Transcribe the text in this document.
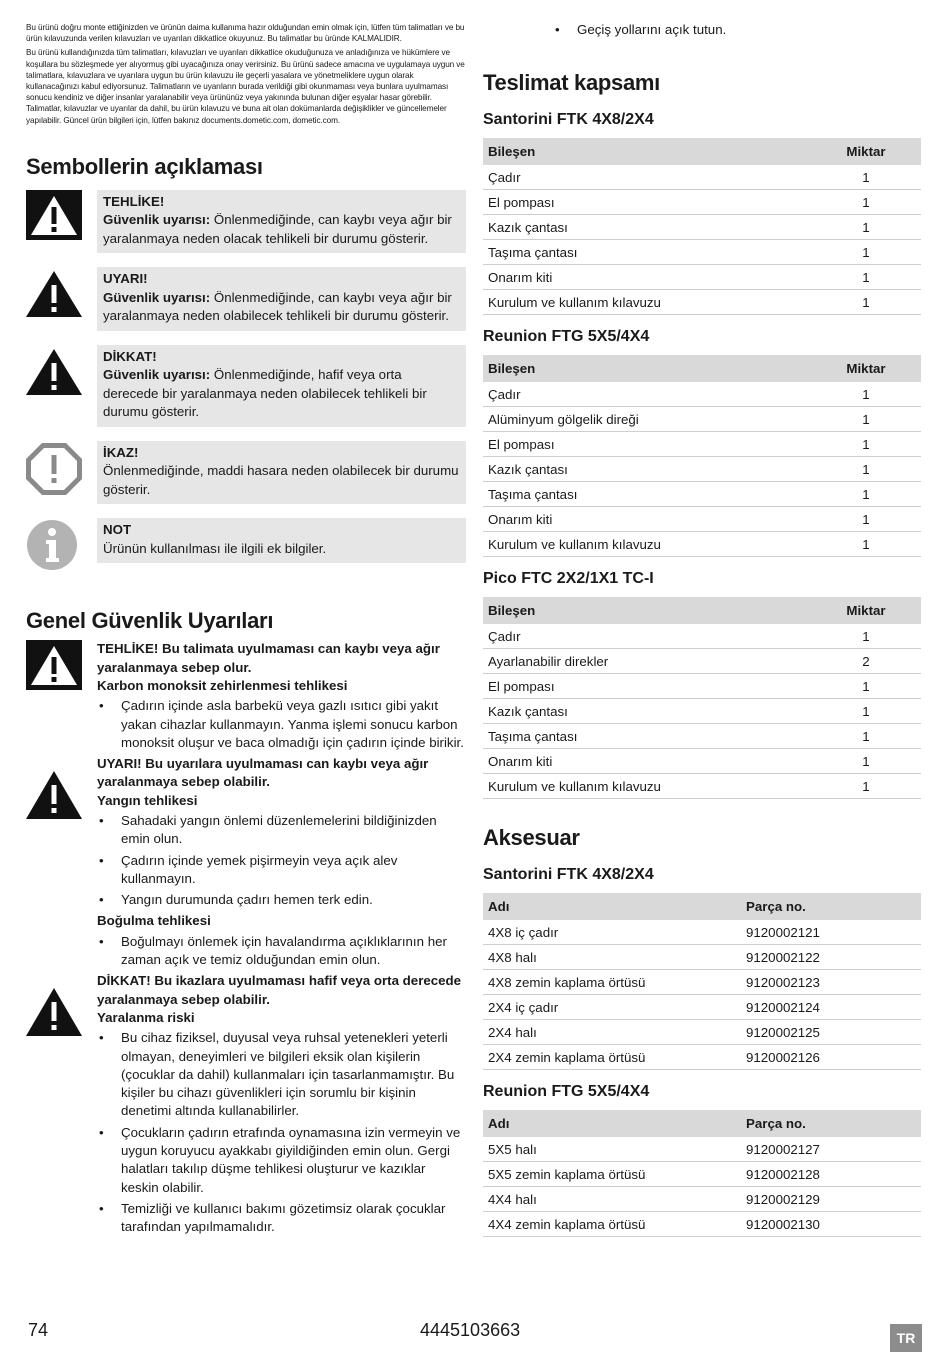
Bu ürünü doğru monte ettiğinizden ve ürünün daima kullanıma hazır olduğundan emin olmak için, lütfen tüm talimatları ve bu ürün kılavuzunda verilen kılavuzları ve uyarıları dikkatlice okuyunuz. Bu talimatlar bu üründe KALMALIDIR.

Bu ürünü kullandığınızda tüm talimatları, kılavuzları ve uyarıları dikkatlice okuduğunuza ve anladığınıza ve hükümlere ve koşullara bu sözleşmede yer alıyormuş gibi uyacağınıza onay verirsiniz. Bu ürünü sadece amacına ve uygulamaya uygun ve talimatlara, kılavuzlara ve uyarılara uygun bu ürün kılavuzu ile geçerli yasalara ve yönetmeliklere uygun olarak kullanacağınızı kabul ediyorsunuz. Talimatların ve uyarıların burada verildiği gibi okunmaması veya bunlara uyulmaması sonucu kendiniz ve diğer insanlar yaralanabilir veya ürününüz veya yakınında bulunan diğer eşyalar hasar görebilir. Talimatlar, kılavuzlar ve uyarılar da dahil, bu ürün kılavuzu ve buna ait olan dokümanlarda değişiklikler ve güncellemeler yapılabilir. Güncel ürün bilgileri için, lütfen bakınız documents.dometic.com, dometic.com.

Sembollerin açıklaması
TEHLİKE!
Güvenlik uyarısı: Önlenmediğinde, can kaybı veya ağır bir yaralanmaya neden olacak tehlikeli bir durumu gösterir.
UYARI!
Güvenlik uyarısı: Önlenmediğinde, can kaybı veya ağır bir yaralanmaya neden olabilecek tehlikeli bir durumu gösterir.
DİKKAT!
Güvenlik uyarısı: Önlenmediğinde, hafif veya orta derecede bir yaralanmaya neden olabilecek tehlikeli bir durumu gösterir.
İKAZ!
Önlenmediğinde, maddi hasara neden olabilecek bir durumu gösterir.
NOT
Ürünün kullanılması ile ilgili ek bilgiler.
Genel Güvenlik Uyarıları
TEHLİKE! Bu talimata uyulmaması can kaybı veya ağır yaralanmaya sebep olur.
Karbon monoksit zehirlenmesi tehlikesi
• Çadırın içinde asla barbekü veya gazlı ısıtıcı gibi yakıt yakan cihazlar kullanmayın. Yanma işlemi sonucu karbon monoksit oluşur ve baca olmadığı için çadırın içinde birikir.
UYARI! Bu uyarılara uyulmaması can kaybı veya ağır yaralanmaya sebep olabilir.
Yangın tehlikesi
• Sahadaki yangın önlemi düzenlemelerini bildiğinizden emin olun.
• Çadırın içinde yemek pişirmeyin veya açık alev kullanmayın.
• Yangın durumunda çadırı hemen terk edin.
Boğulma tehlikesi
• Boğulmayı önlemek için havalandırma açıklıklarının her zaman açık ve temiz olduğundan emin olun.
DİKKAT! Bu ikazlara uyulmaması hafif veya orta derecede yaralanmaya sebep olabilir.
Yaralanma riski
• Bu cihaz fiziksel, duyusal veya ruhsal yetenekleri yeterli olmayan, deneyimleri ve bilgileri eksik olan kişilerin (çocuklar da dahil) kullanmaları için tasarlanmamıştır. Bu kişiler bu cihazı güvenlikleri için sorumlu bir kişinin denetimi altında kullanabilirler.
• Çocukların çadırın etrafında oynamasına izin vermeyin ve uygun koruyucu ayakkabı giyildiğinden emin olun. Gergi halatları takılıp düşme tehlikesi oluşturur ve kazıklar keskin olabilir.
• Temizliği ve kullanıcı bakımı gözetimsiz olarak çocuklar tarafından yapılmamalıdır.
• Geçiş yollarını açık tutun.
Teslimat kapsamı
Santorini FTK 4X8/2X4
Bileşen	Miktar
Çadır	1
El pompası	1
Kazık çantası	1
Taşıma çantası	1
Onarım kiti	1
Kurulum ve kullanım kılavuzu	1
Reunion FTG 5X5/4X4
Bileşen	Miktar
Çadır	1
Alüminyum gölgelik direği	1
El pompası	1
Kazık çantası	1
Taşıma çantası	1
Onarım kiti	1
Kurulum ve kullanım kılavuzu	1
Pico FTC 2X2/1X1 TC-I
Bileşen	Miktar
Çadır	1
Ayarlanabilir direkler	2
El pompası	1
Kazık çantası	1
Taşıma çantası	1
Onarım kiti	1
Kurulum ve kullanım kılavuzu	1
Aksesuar
Santorini FTK 4X8/2X4
Adı	Parça no.
4X8 iç çadır	9120002121
4X8 halı	9120002122
4X8 zemin kaplama örtüsü	9120002123
2X4 iç çadır	9120002124
2X4 halı	9120002125
2X4 zemin kaplama örtüsü	9120002126
Reunion FTG 5X5/4X4
Adı	Parça no.
5X5 halı	9120002127
5X5 zemin kaplama örtüsü	9120002128
4X4 halı	9120002129
4X4 zemin kaplama örtüsü	9120002130
74	4445103663	TR
